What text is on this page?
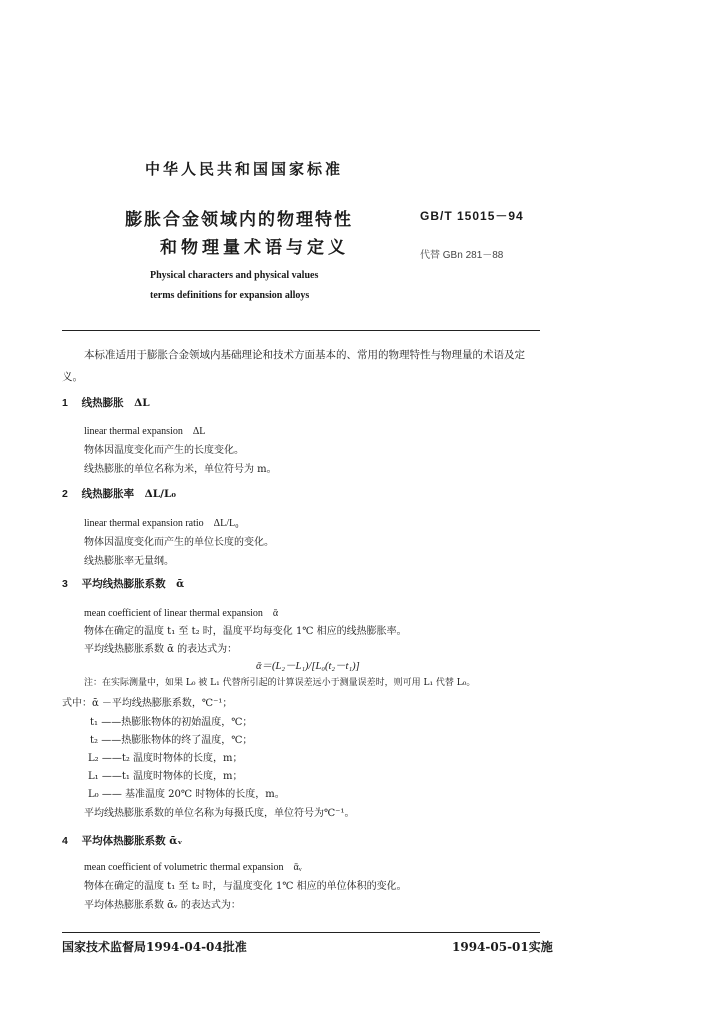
中华人民共和国国家标准
膨胀合金领域内的物理特性
和物理量术语与定义
GB/T 15015－94
代替 GBn 281－88
Physical characters and physical values
terms definitions for expansion alloys
本标准适用于膨胀合金领域内基础理论和技术方面基本的、常用的物理特性与物理量的术语及定
义。
1 线热膨胀　ΔL
linear thermal expansion　ΔL
物体因温度变化而产生的长度变化。
线热膨胀的单位名称为米，单位符号为 m。
2 线热膨胀率　ΔL/L₀
linear thermal expansion ratio　ΔL/L₀
物体因温度变化而产生的单位长度的变化。
线热膨胀率无量纲。
3 平均线热膨胀系数　ᾱ
mean coefficient of linear thermal expansion　ᾱ
物体在确定的温度 t₁ 至 t₂ 时，温度平均每变化 1℃ 相应的线热膨胀率。
平均线热膨胀系数 ᾱ 的表达式为：
ᾱ＝(L₂－L₁)/[L₀(t₂－t₁)]
注：在实际测量中，如果 L₀ 被 L₁ 代替所引起的计算误差远小于测量误差时，则可用 L₁ 代替 L₀。
式中： ᾱ －平均线热膨胀系数，℃⁻¹；
t₁ ——热膨胀物体的初始温度，℃；
t₂ ——热膨胀物体的终了温度，℃；
L₂ ——t₂ 温度时物体的长度，m；
L₁ ——t₁ 温度时物体的长度，m；
L₀ —— 基准温度 20℃ 时物体的长度，m。
平均线热膨胀系数的单位名称为每摄氏度，单位符号为℃⁻¹。
4 平均体热膨胀系数 ᾱᵥ
mean coefficient of volumetric thermal expansion　ᾱᵥ
物体在确定的温度 t₁ 至 t₂ 时，与温度变化 1℃ 相应的单位体积的变化。
平均体热膨胀系数 ᾱᵥ 的表达式为：
国家技术监督局1994-04-04批准	1994-05-01实施
